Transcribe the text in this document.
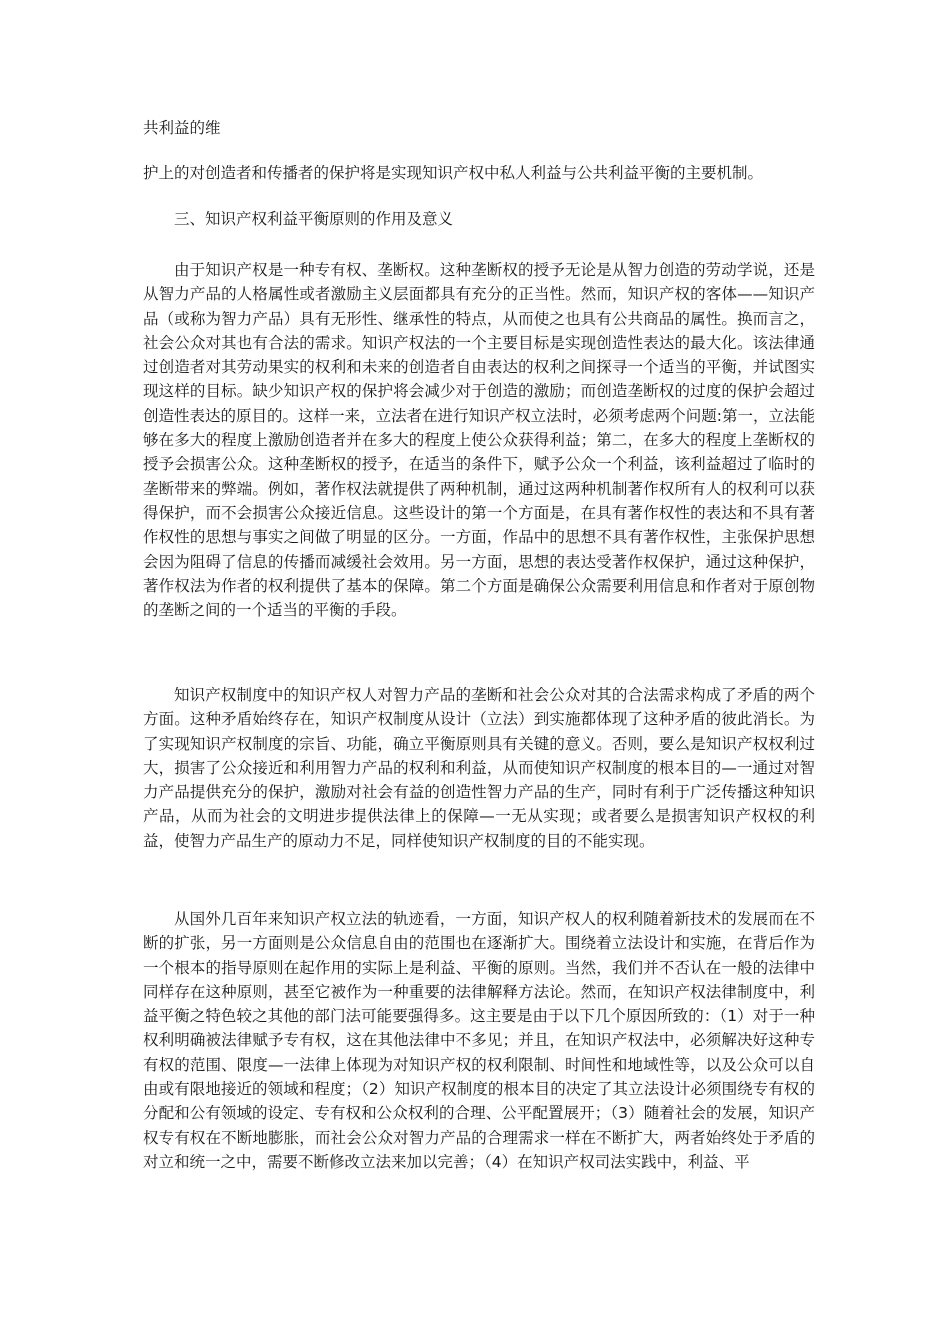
共利益的维

护上的对创造者和传播者的保护将是实现知识产权中私人利益与公共利益平衡的主要机制。

三、知识产权利益平衡原则的作用及意义

由于知识产权是一种专有权、垄断权。这种垄断权的授予无论是从智力创造的劳动学说，还是从智力产品的人格属性或者激励主义层面都具有充分的正当性。然而，知识产权的客体——知识产品（或称为智力产品）具有无形性、继承性的特点，从而使之也具有公共商品的属性。换而言之，社会公众对其也有合法的需求。知识产权法的一个主要目标是实现创造性表达的最大化。该法律通过创造者对其劳动果实的权利和未来的创造者自由表达的权利之间探寻一个适当的平衡，并试图实现这样的目标。缺少知识产权的保护将会减少对于创造的激励；而创造垄断权的过度的保护会超过创造性表达的原目的。这样一来，立法者在进行知识产权立法时，必须考虑两个问题:第一，立法能够在多大的程度上激励创造者并在多大的程度上使公众获得利益；第二，在多大的程度上垄断权的授予会损害公众。这种垄断权的授予，在适当的条件下，赋予公众一个利益，该利益超过了临时的垄断带来的弊端。例如，著作权法就提供了两种机制，通过这两种机制著作权所有人的权利可以获得保护，而不会损害公众接近信息。这些设计的第一个方面是，在具有著作权性的表达和不具有著作权性的思想与事实之间做了明显的区分。一方面，作品中的思想不具有著作权性，主张保护思想会因为阻碍了信息的传播而减缓社会效用。另一方面，思想的表达受著作权保护，通过这种保护，著作权法为作者的权利提供了基本的保障。第二个方面是确保公众需要利用信息和作者对于原创物的垄断之间的一个适当的平衡的手段。

知识产权制度中的知识产权人对智力产品的垄断和社会公众对其的合法需求构成了矛盾的两个方面。这种矛盾始终存在，知识产权制度从设计（立法）到实施都体现了这种矛盾的彼此消长。为了实现知识产权制度的宗旨、功能，确立平衡原则具有关键的意义。否则，要么是知识产权权利过大，损害了公众接近和利用智力产品的权利和利益，从而使知识产权制度的根本目的—一通过对智力产品提供充分的保护，激励对社会有益的创造性智力产品的生产，同时有利于广泛传播这种知识产品，从而为社会的文明进步提供法律上的保障—一无从实现；或者要么是损害知识产权权的利益，使智力产品生产的原动力不足，同样使知识产权制度的目的不能实现。

从国外几百年来知识产权立法的轨迹看，一方面，知识产权人的权利随着新技术的发展而在不断的扩张，另一方面则是公众信息自由的范围也在逐渐扩大。围绕着立法设计和实施，在背后作为一个根本的指导原则在起作用的实际上是利益、平衡的原则。当然，我们并不否认在一般的法律中同样存在这种原则，甚至它被作为一种重要的法律解释方法论。然而，在知识产权法律制度中，利益平衡之特色较之其他的部门法可能要强得多。这主要是由于以下几个原因所致的：（1）对于一种权利明确被法律赋予专有权，这在其他法律中不多见；并且，在知识产权法中，必须解决好这种专有权的范围、限度—一法律上体现为对知识产权的权利限制、时间性和地域性等，以及公众可以自由或有限地接近的领域和程度；（2）知识产权制度的根本目的决定了其立法设计必须围绕专有权的分配和公有领域的设定、专有权和公众权利的合理、公平配置展开；（3）随着社会的发展，知识产权专有权在不断地膨胀，而社会公众对智力产品的合理需求一样在不断扩大，两者始终处于矛盾的对立和统一之中，需要不断修改立法来加以完善；（4）在知识产权司法实践中，利益、平
